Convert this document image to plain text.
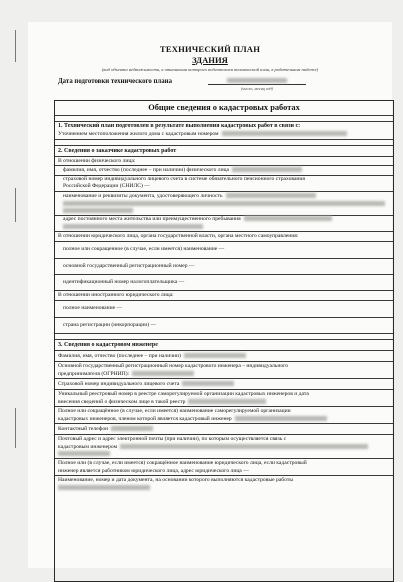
ТЕХНИЧЕСКИЙ ПЛАН
ЗДАНИЯ
(вид объекта недвижимости, в отношении которого подготовлен технический план, в родительном падеже)
Дата подготовки технического плана
(число, месяц год)
Общие сведения о кадастровых работах
1. Технический план подготовлен в результате выполнения кадастровых работ в связи с:
Уточнением местоположения жилого дома с кадастровым номером
2. Сведения о заказчике кадастровых работ
В отношении физического лица:
фамилия, имя, отчество (последнее – при наличии) физического лица
страховой номер индивидуального лицевого счета в системе обязательного пенсионного страхования
Российской Федерации (СНИЛС) —
наименование и реквизиты документа, удостоверяющего личность
адрес постоянного места жительства или преимущественного пребывания
В отношении юридического лица, органа государственной власти, органа местного самоуправления:
полное или сокращенное (в случае, если имеется) наименование —
основной государственный регистрационный номер —
идентификационный номер налогоплательщика —
В отношении иностранного юридического лица:
полное наименование —
страна регистрации (инкорпорации) —
3. Сведения о кадастровом инженере
Фамилия, имя, отчество (последнее – при наличии)
Основной государственный регистрационный номер кадастрового инженера – индивидуального
предпринимателя (ОГРНИП):
Страховой номер индивидуального лицевого счета
Уникальный реестровый номер в реестре саморегулируемой организации кадастровых инженеров и дата
внесения сведений о физическом лице в такой реестр
Полное или сокращённое (в случае, если имеется) наименование саморегулируемой организации
кадастровых инженеров, членом которой является кадастровый инженер
Контактный телефон
Почтовый адрес и адрес электронной почты (при наличии), по которым осуществляется связь с
кадастровым инженером
Полное или (в случае, если имеется) сокращённое наименование юридического лица, если кадастровый
инженер является работником юридического лица, адрес юридического лица —
Наименование, номер и дата документа, на основании которого выполняются кадастровые работы
